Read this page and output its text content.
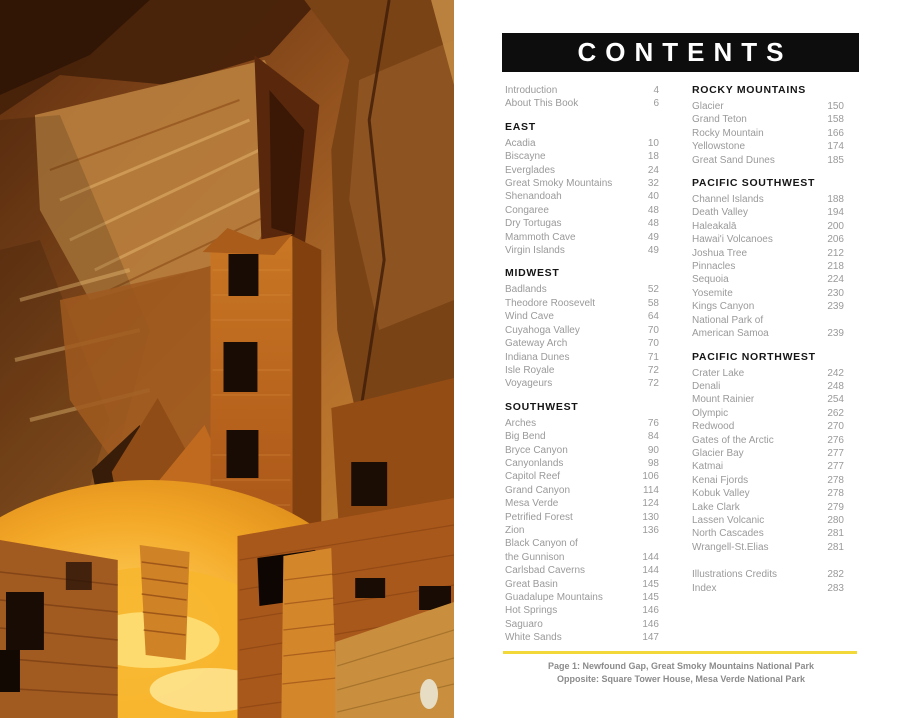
CONTENTS
Introduction	4
About This Book	6
EAST
Acadia	10
Biscayne	18
Everglades	24
Great Smoky Mountains	32
Shenandoah	40
Congaree	48
Dry Tortugas	48
Mammoth Cave	49
Virgin Islands	49
MIDWEST
Badlands	52
Theodore Roosevelt	58
Wind Cave	64
Cuyahoga Valley	70
Gateway Arch	70
Indiana Dunes	71
Isle Royale	72
Voyageurs	72
SOUTHWEST
Arches	76
Big Bend	84
Bryce Canyon	90
Canyonlands	98
Capitol Reef	106
Grand Canyon	114
Mesa Verde	124
Petrified Forest	130
Zion	136
Black Canyon of
the Gunnison	144
Carlsbad Caverns	144
Great Basin	145
Guadalupe Mountains	145
Hot Springs	146
Saguaro	146
White Sands	147
ROCKY MOUNTAINS
Glacier	150
Grand Teton	158
Rocky Mountain	166
Yellowstone	174
Great Sand Dunes	185
PACIFIC SOUTHWEST
Channel Islands	188
Death Valley	194
Haleakalā	200
Hawai'i Volcanoes	206
Joshua Tree	212
Pinnacles	218
Sequoia	224
Yosemite	230
Kings Canyon	239
National Park of
American Samoa	239
PACIFIC NORTHWEST
Crater Lake	242
Denali	248
Mount Rainier	254
Olympic	262
Redwood	270
Gates of the Arctic	276
Glacier Bay	277
Katmai	277
Kenai Fjords	278
Kobuk Valley	278
Lake Clark	279
Lassen Volcanic	280
North Cascades	281
Wrangell-St.Elias	281
Illustrations Credits	282
Index	283
Page 1: Newfound Gap, Great Smoky Mountains National Park
Opposite: Square Tower House, Mesa Verde National Park
